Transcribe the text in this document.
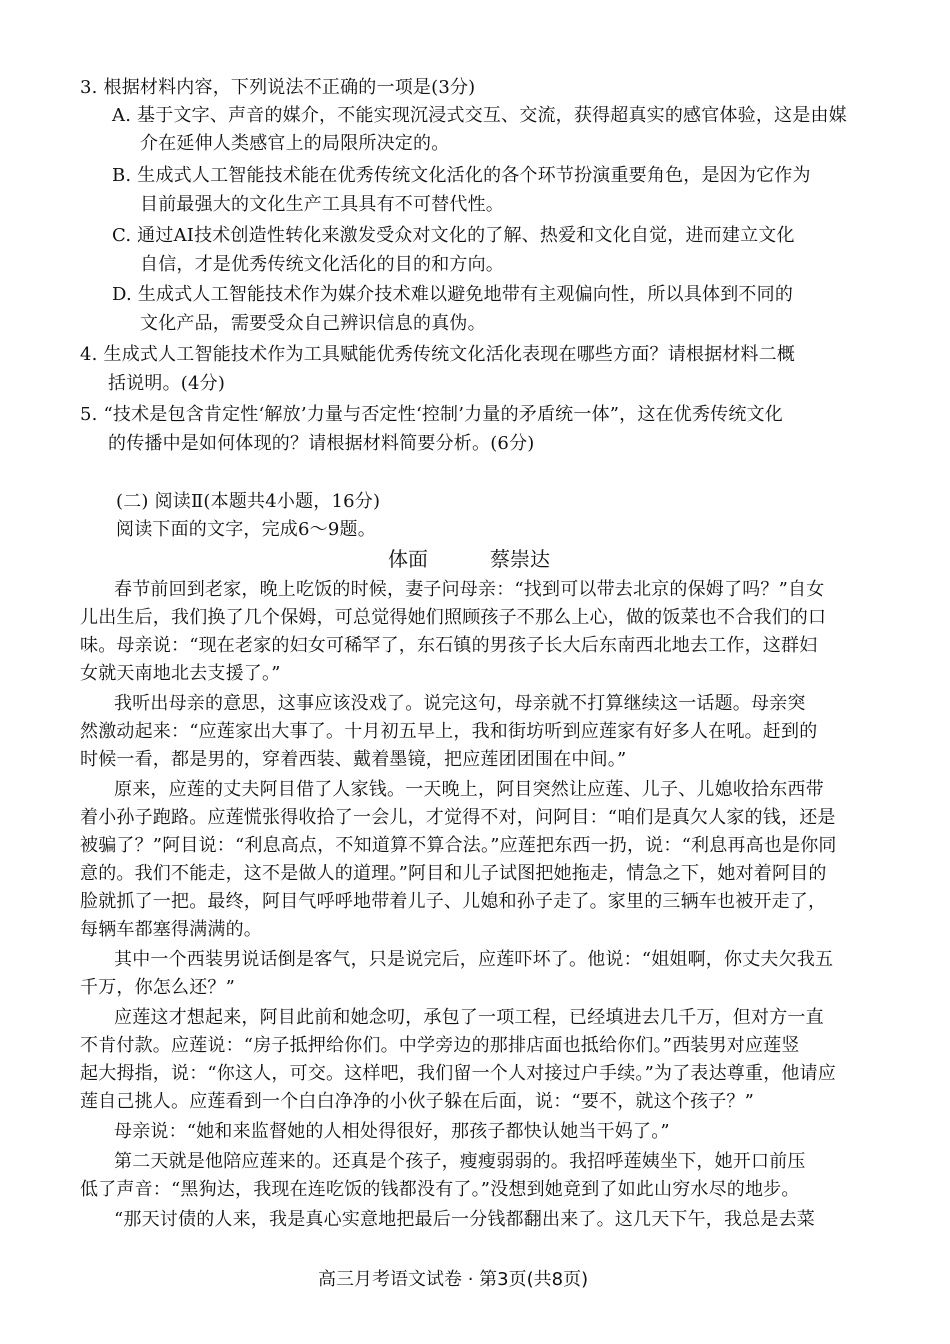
3. 根据材料内容，下列说法不正确的一项是(3分)
A. 基于文字、声音的媒介，不能实现沉浸式交互、交流，获得超真实的感官体验，这是由媒
介在延伸人类感官上的局限所决定的。
B. 生成式人工智能技术能在优秀传统文化活化的各个环节扮演重要角色，是因为它作为
目前最强大的文化生产工具具有不可替代性。
C. 通过AI技术创造性转化来激发受众对文化的了解、热爱和文化自觉，进而建立文化
自信，才是优秀传统文化活化的目的和方向。
D. 生成式人工智能技术作为媒介技术难以避免地带有主观偏向性，所以具体到不同的
文化产品，需要受众自己辨识信息的真伪。
4. 生成式人工智能技术作为工具赋能优秀传统文化活化表现在哪些方面？请根据材料二概
括说明。(4分)
5. “技术是包含肯定性‘解放’力量与否定性‘控制’力量的矛盾统一体”，这在优秀传统文化
的传播中是如何体现的？请根据材料简要分析。(6分)
(二) 阅读Ⅱ(本题共4小题，16分)
阅读下面的文字，完成6～9题。
体面	蔡崇达
春节前回到老家，晚上吃饭的时候，妻子问母亲：“找到可以带去北京的保姆了吗？”自女
儿出生后，我们换了几个保姆，可总觉得她们照顾孩子不那么上心，做的饭菜也不合我们的口
味。母亲说：“现在老家的妇女可稀罕了，东石镇的男孩子长大后东南西北地去工作，这群妇
女就天南地北去支援了。”
我听出母亲的意思，这事应该没戏了。说完这句，母亲就不打算继续这一话题。母亲突
然激动起来：“应莲家出大事了。十月初五早上，我和街坊听到应莲家有好多人在吼。赶到的
时候一看，都是男的，穿着西装、戴着墨镜，把应莲团团围在中间。”
原来，应莲的丈夫阿目借了人家钱。一天晚上，阿目突然让应莲、儿子、儿媳收拾东西带
着小孙子跑路。应莲慌张得收拾了一会儿，才觉得不对，问阿目：“咱们是真欠人家的钱，还是
被骗了？”阿目说：“利息高点，不知道算不算合法。”应莲把东西一扔，说：“利息再高也是你同
意的。我们不能走，这不是做人的道理。”阿目和儿子试图把她拖走，情急之下，她对着阿目的
脸就抓了一把。最终，阿目气呼呼地带着儿子、儿媳和孙子走了。家里的三辆车也被开走了，
每辆车都塞得满满的。
其中一个西装男说话倒是客气，只是说完后，应莲吓坏了。他说：“姐姐啊，你丈夫欠我五
千万，你怎么还？”
应莲这才想起来，阿目此前和她念叨，承包了一项工程，已经填进去几千万，但对方一直
不肯付款。应莲说：“房子抵押给你们。中学旁边的那排店面也抵给你们。”西装男对应莲竖
起大拇指，说：“你这人，可交。这样吧，我们留一个人对接过户手续。”为了表达尊重，他请应
莲自己挑人。应莲看到一个白白净净的小伙子躲在后面，说：“要不，就这个孩子？”
母亲说：“她和来监督她的人相处得很好，那孩子都快认她当干妈了。”
第二天就是他陪应莲来的。还真是个孩子，瘦瘦弱弱的。我招呼莲姨坐下，她开口前压
低了声音：“黑狗达，我现在连吃饭的钱都没有了。”没想到她竟到了如此山穷水尽的地步。
“那天讨债的人来，我是真心实意地把最后一分钱都翻出来了。这几天下午，我总是去菜
高三月考语文试卷 · 第3页(共8页)
